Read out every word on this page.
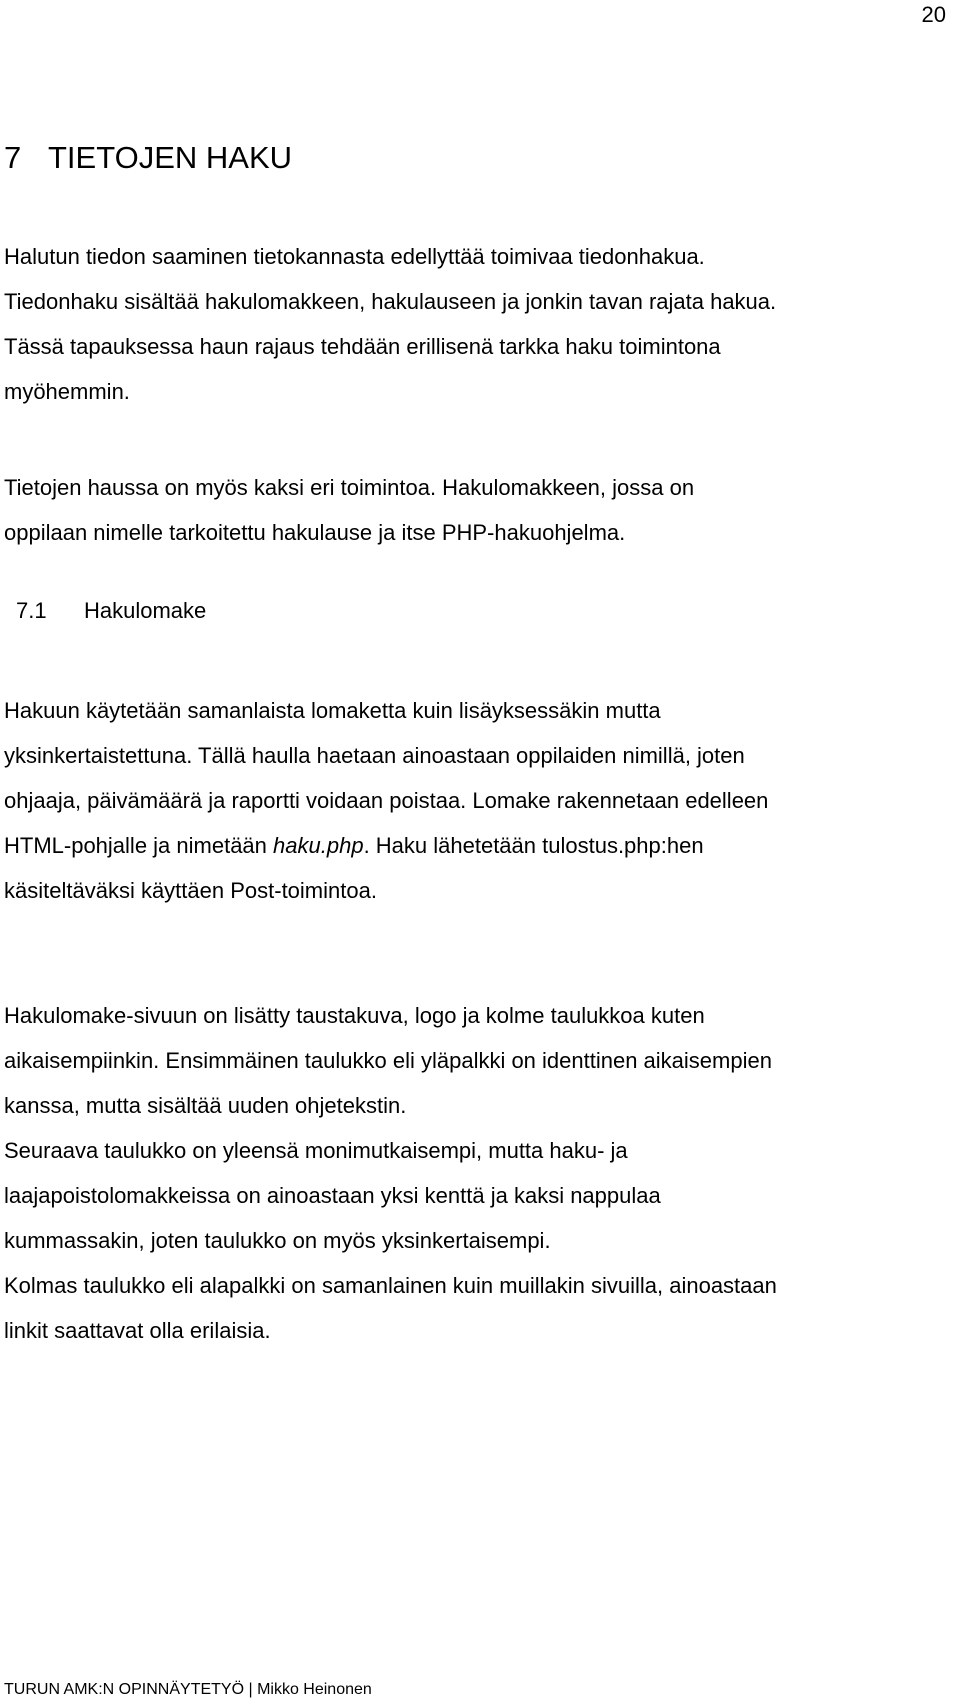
20
7 TIETOJEN HAKU

Halutun tiedon saaminen tietokannasta edellyttää toimivaa tiedonhakua.
Tiedonhaku sisältää hakulomakkeen, hakulauseen ja jonkin tavan rajata hakua.
Tässä tapauksessa haun rajaus tehdään erillisenä tarkka haku toimintona
myöhemmin.

Tietojen haussa on myös kaksi eri toimintoa. Hakulomakkeen, jossa on
oppilaan nimelle tarkoitettu hakulause ja itse PHP-hakuohjelma.

7.1 Hakulomake

Hakuun käytetään samanlaista lomaketta kuin lisäyksessäkin mutta
yksinkertaistettuna. Tällä haulla haetaan ainoastaan oppilaiden nimillä, joten
ohjaaja, päivämäärä ja raportti voidaan poistaa. Lomake rakennetaan edelleen
HTML-pohjalle ja nimetään haku.php. Haku lähetetään tulostus.php:hen
käsiteltäväksi käyttäen Post-toimintoa.

Hakulomake-sivuun on lisätty taustakuva, logo ja kolme taulukkoa kuten
aikaisempiinkin. Ensimmäinen taulukko eli yläpalkki on identtinen aikaisempien
kanssa, mutta sisältää uuden ohjetekstin.
Seuraava taulukko on yleensä monimutkaisempi, mutta haku- ja
laajapoistolomakkeissa on ainoastaan yksi kenttä ja kaksi nappulaa
kummassakin, joten taulukko on myös yksinkertaisempi.
Kolmas taulukko eli alapalkki on samanlainen kuin muillakin sivuilla, ainoastaan
linkit saattavat olla erilaisia.

TURUN AMK:N OPINNÄYTETYÖ | Mikko Heinonen
